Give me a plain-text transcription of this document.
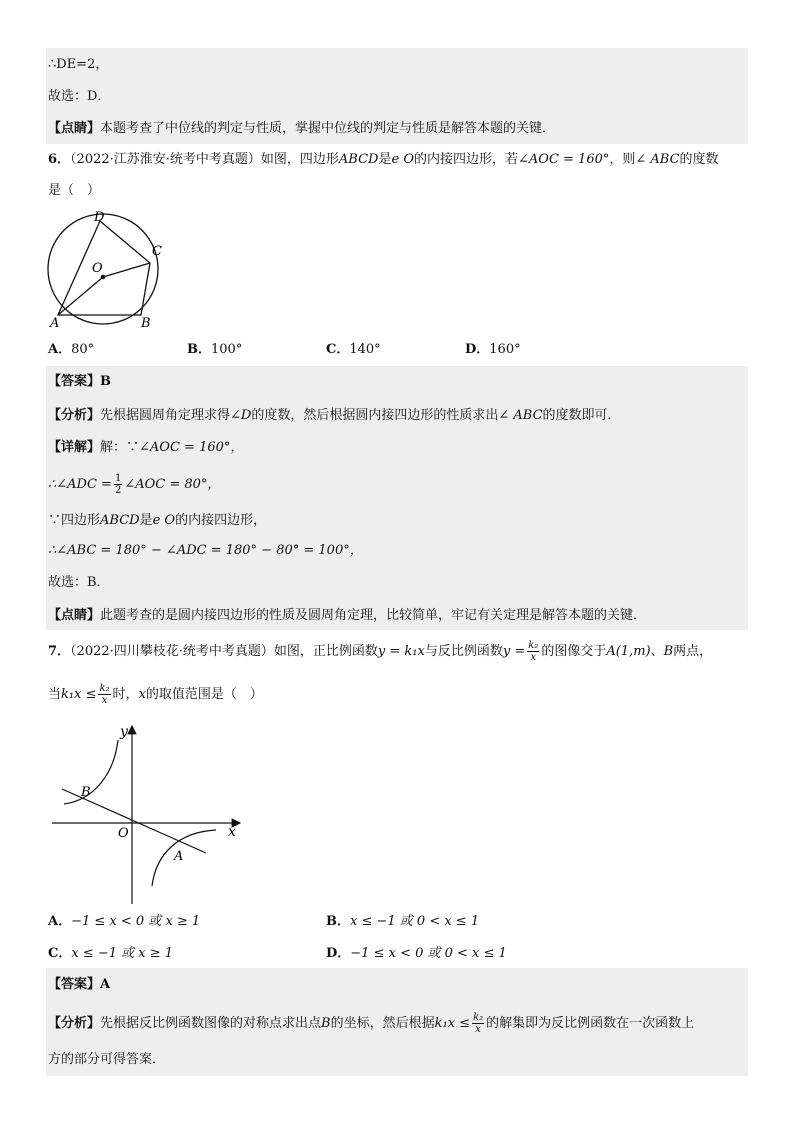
∴DE=2，
故选：D．
【点睛】本题考查了中位线的判定与性质，掌握中位线的判定与性质是解答本题的关键．
6．（2022·江苏淮安·统考中考真题）如图，四边形ABCD是e O的内接四边形，若∠AOC = 160°，则∠ ABC的度数
是（　）
D
C
O
A	B
A．80°	B．100°	C．140°	D．160°
【答案】B
【分析】先根据圆周角定理求得∠D的度数，然后根据圆内接四边形的性质求出∠ ABC的度数即可．
【详解】解：∵∠AOC = 160°，
∴∠ADC = $\frac{1}{2}$ ∠AOC = 80°，
∵四边形ABCD是e O的内接四边形，
∴∠ABC = 180° − ∠ADC = 180° − 80° = 100°，
故选：B．
【点睛】此题考查的是圆内接四边形的性质及圆周角定理，比较简单，牢记有关定理是解答本题的关键．
7．（2022·四川攀枝花·统考中考真题）如图，正比例函数y = k₁x与反比例函数$y = \frac{\text{k₂}}{x}$ 的图像交于A(1,m)、B两点，
当$k_1x \le \frac{\text{k₂}}{x}$ 时，x的取值范围是（　）
y
x
O
B
A
A．−1 ≤ x < 0 或 x ≥ 1	B．x ≤ −1 或 0 < x ≤ 1
C．x ≤ −1 或 x ≥ 1	D．−1 ≤ x < 0 或 0 < x ≤ 1
【答案】A
【分析】先根据反比例函数图像的对称点求出点B的坐标，然后根据$k_1x \le \frac{\text{k₂}}{x}$ 的解集即为反比例函数在一次函数上
方的部分可得答案．
